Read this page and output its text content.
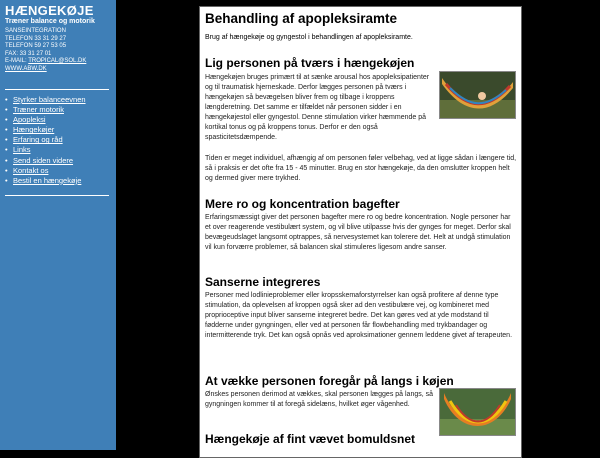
HÆNGEKØJE
Træner balance og motorik
SANSEINTEGRATION
TELEFON 33 31 29 27
TELEFON 59 27 53 05
FAX: 33 31 27 01
E-MAIL: TROPICAL@SOL.DK
WWW.ABW.DK
• Styrker balanceevnen
• Træner motorik
• Apopleksi
• Hængekøjer
• Erfaring og råd
• Links
• Send siden videre
• Kontakt os
• Bestil en hængekøje
Behandling af apopleksiramte
Brug af hængekøje og gyngestol i behandlingen af apopleksiramte.
Lig personen på tværs i hængekøjen

Hængekøjen bruges primært til at sænke arousal hos apopleksipatienter og til traumatisk hjerneskade. Derfor lægges personen på tværs i hængekøjen så bevægelsen bliver frem og tilbage i kroppens længderetning. Det samme er tilfældet når personen sidder i en hængekøjestol eller gyngestol. Denne stimulation virker hæmmende på kortikal tonus og på kroppens tonus. Derfor er den også spasticitetsdæmpende.

Tiden er meget individuel, afhængig af om personen føler velbehag, ved at ligge sådan i længere tid, så i praksis er det ofte fra 15 - 45 minutter. Brug en stor hængekøje, da den omslutter kroppen helt og dermed giver mere trykhed.

Mere ro og koncentration bagefter

Erfaringsmæssigt giver det personen bagefter mere ro og bedre koncentration. Nogle personer har et over reagerende vestibulært system, og vil blive utilpasse hvis der gynges for meget. Derfor skal bevægeudslaget langsomt optrappes, så nervesystemet kan tolerere det. Helt at undgå stimulation vil kun forværre problemer, så balancen skal stimuleres ligesom andre sanser.

Sanserne integreres

Personer med lodlinieproblemer eller kropsskemaforstyrrelser kan også profitere af denne type stimulation, da oplevelsen af kroppen også sker ad den vestibulære vej, og kombineret med proprioceptive input bliver sanserne integreret bedre. Det kan gøres ved at yde modstand til fødderne under gyngningen, eller ved at personen får flowbehandling med trykbandager og intermitterende tryk. Det kan også opnås ved aproksimationer gennem leddene givet af terapeuten.

At vække personen foregår på langs i køjen

Ønskes personen derimod at vækkes, skal personen lægges på langs, så gyngningen kommer til at foregå sidelæns, hvilket øger vågenhed.

Hængekøje af fint vævet bomuldsnet
